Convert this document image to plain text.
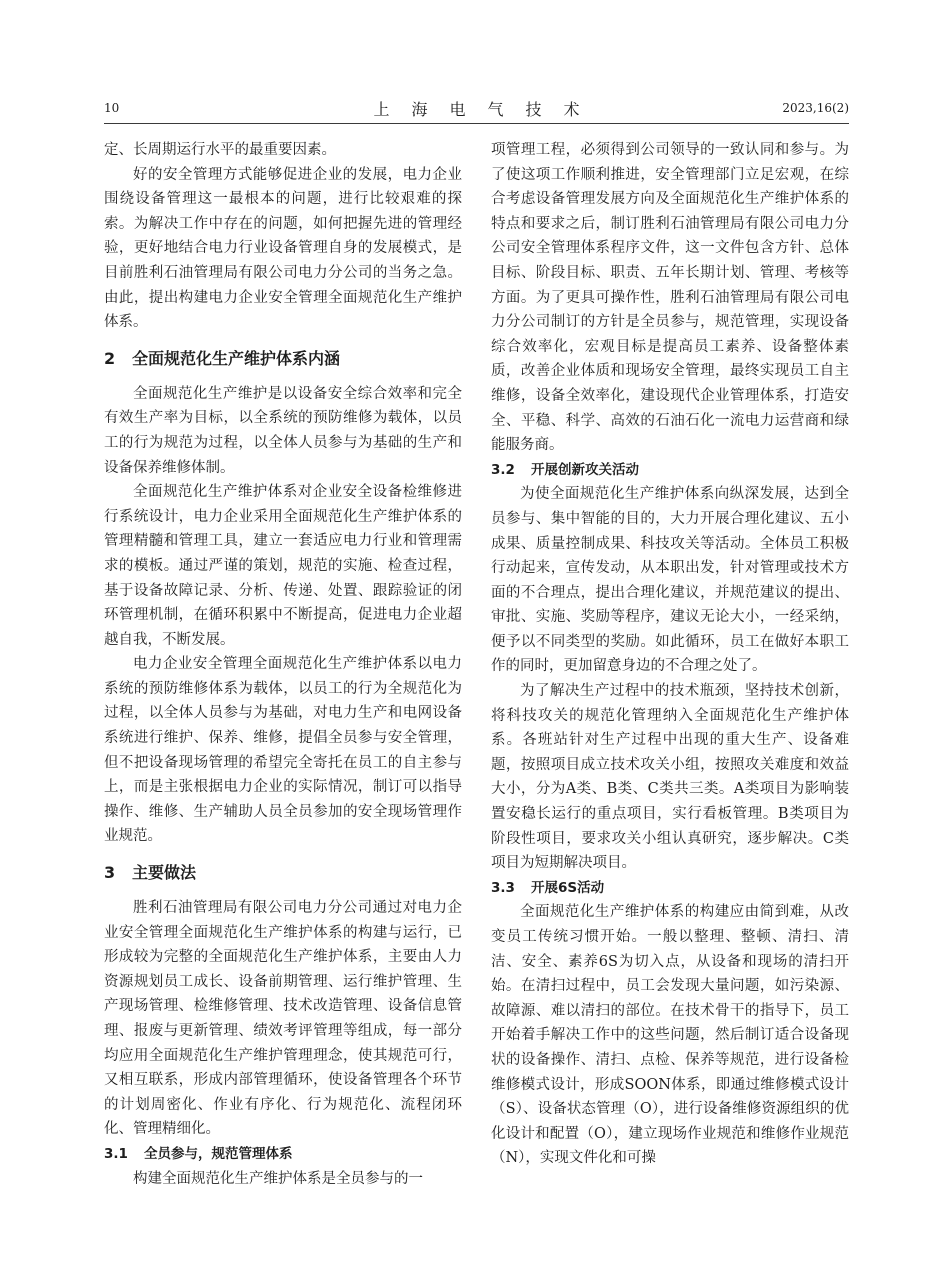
10	上海电气技术	2023,16(2)

定、长周期运行水平的最重要因素。

好的安全管理方式能够促进企业的发展，电力企业围绕设备管理这一最根本的问题，进行比较艰难的探索。为解决工作中存在的问题，如何把握先进的管理经验，更好地结合电力行业设备管理自身的发展模式，是目前胜利石油管理局有限公司电力分公司的当务之急。由此，提出构建电力企业安全管理全面规范化生产维护体系。

2 全面规范化生产维护体系内涵

全面规范化生产维护是以设备安全综合效率和完全有效生产率为目标，以全系统的预防维修为载体，以员工的行为规范为过程，以全体人员参与为基础的生产和设备保养维修体制。

全面规范化生产维护体系对企业安全设备检维修进行系统设计，电力企业采用全面规范化生产维护体系的管理精髓和管理工具，建立一套适应电力行业和管理需求的模板。通过严谨的策划，规范的实施、检查过程，基于设备故障记录、分析、传递、处置、跟踪验证的闭环管理机制，在循环积累中不断提高，促进电力企业超越自我，不断发展。

电力企业安全管理全面规范化生产维护体系以电力系统的预防维修体系为载体，以员工的行为全规范化为过程，以全体人员参与为基础，对电力生产和电网设备系统进行维护、保养、维修，提倡全员参与安全管理，但不把设备现场管理的希望完全寄托在员工的自主参与上，而是主张根据电力企业的实际情况，制订可以指导操作、维修、生产辅助人员全员参加的安全现场管理作业规范。

3 主要做法

胜利石油管理局有限公司电力分公司通过对电力企业安全管理全面规范化生产维护体系的构建与运行，已形成较为完整的全面规范化生产维护体系，主要由人力资源规划员工成长、设备前期管理、运行维护管理、生产现场管理、检维修管理、技术改造管理、设备信息管理、报废与更新管理、绩效考评管理等组成，每一部分均应用全面规范化生产维护管理理念，使其规范可行，又相互联系，形成内部管理循环，使设备管理各个环节的计划周密化、作业有序化、行为规范化、流程闭环化、管理精细化。

3.1 全员参与，规范管理体系

构建全面规范化生产维护体系是全员参与的一

项管理工程，必须得到公司领导的一致认同和参与。为了使这项工作顺利推进，安全管理部门立足宏观，在综合考虑设备管理发展方向及全面规范化生产维护体系的特点和要求之后，制订胜利石油管理局有限公司电力分公司安全管理体系程序文件，这一文件包含方针、总体目标、阶段目标、职责、五年长期计划、管理、考核等方面。为了更具可操作性，胜利石油管理局有限公司电力分公司制订的方针是全员参与，规范管理，实现设备综合效率化，宏观目标是提高员工素养、设备整体素质，改善企业体质和现场安全管理，最终实现员工自主维修，设备全效率化，建设现代企业管理体系，打造安全、平稳、科学、高效的石油石化一流电力运营商和绿能服务商。

3.2 开展创新攻关活动

为使全面规范化生产维护体系向纵深发展，达到全员参与、集中智能的目的，大力开展合理化建议、五小成果、质量控制成果、科技攻关等活动。全体员工积极行动起来，宣传发动，从本职出发，针对管理或技术方面的不合理点，提出合理化建议，并规范建议的提出、审批、实施、奖励等程序，建议无论大小，一经采纳，便予以不同类型的奖励。如此循环，员工在做好本职工作的同时，更加留意身边的不合理之处了。

为了解决生产过程中的技术瓶颈，坚持技术创新，将科技攻关的规范化管理纳入全面规范化生产维护体系。各班站针对生产过程中出现的重大生产、设备难题，按照项目成立技术攻关小组，按照攻关难度和效益大小，分为A类、B类、C类共三类。A类项目为影响装置安稳长运行的重点项目，实行看板管理。B类项目为阶段性项目，要求攻关小组认真研究，逐步解决。C类项目为短期解决项目。

3.3 开展6S活动

全面规范化生产维护体系的构建应由简到难，从改变员工传统习惯开始。一般以整理、整顿、清扫、清洁、安全、素养6S为切入点，从设备和现场的清扫开始。在清扫过程中，员工会发现大量问题，如污染源、故障源、难以清扫的部位。在技术骨干的指导下，员工开始着手解决工作中的这些问题，然后制订适合设备现状的设备操作、清扫、点检、保养等规范，进行设备检维修模式设计，形成SOON体系，即通过维修模式设计（S）、设备状态管理（O），进行设备维修资源组织的优化设计和配置（O），建立现场作业规范和维修作业规范（N），实现文件化和可操
